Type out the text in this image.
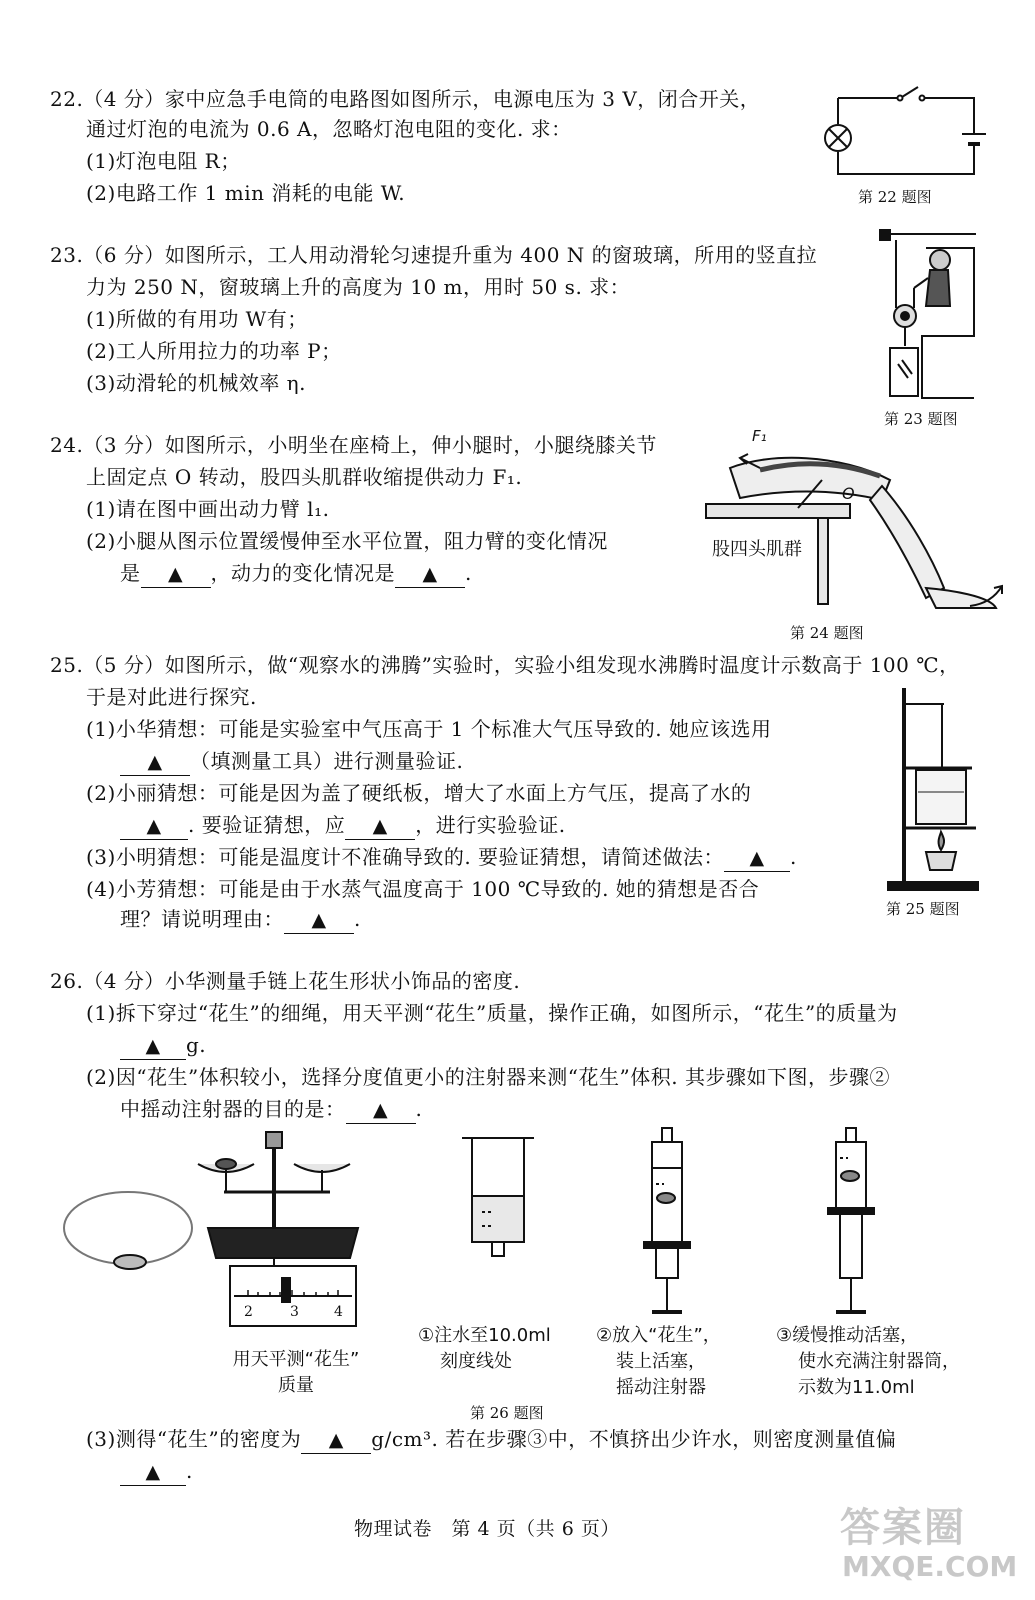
22.（4 分）家中应急手电筒的电路图如图所示，电源电压为 3 V，闭合开关，
通过灯泡的电流为 0.6 A，忽略灯泡电阻的变化. 求：
(1)灯泡电阻 R；
(2)电路工作 1 min 消耗的电能 W.	第 22 题图
23.（6 分）如图所示，工人用动滑轮匀速提升重为 400 N 的窗玻璃，所用的竖直拉
力为 250 N，窗玻璃上升的高度为 10 m，用时 50 s. 求：
(1)所做的有用功 W有；
(2)工人所用拉力的功率 P；
(3)动滑轮的机械效率 η.
第 23 题图
24.（3 分）如图所示，小明坐在座椅上，伸小腿时，小腿绕膝关节
上固定点 O 转动，股四头肌群收缩提供动力 F₁.
(1)请在图中画出动力臂 l₁.
(2)小腿从图示位置缓慢伸至水平位置，阻力臂的变化情况
是 ▲ ，动力的变化情况是 ▲ .
F₁
O
股四头肌群
第 24 题图
25.（5 分）如图所示，做“观察水的沸腾”实验时，实验小组发现水沸腾时温度计示数高于 100 ℃，
于是对此进行探究.
(1)小华猜想：可能是实验室中气压高于 1 个标准大气压导致的. 她应该选用
▲ （填测量工具）进行测量验证.
(2)小丽猜想：可能是因为盖了硬纸板，增大了水面上方气压，提高了水的
▲ . 要验证猜想，应 ▲ ，进行实验验证.
(3)小明猜想：可能是温度计不准确导致的. 要验证猜想，请简述做法： ▲ .
(4)小芳猜想：可能是由于水蒸气温度高于 100 ℃导致的. 她的猜想是否合
理？请说明理由： ▲ .	第 25 题图
26.（4 分）小华测量手链上花生形状小饰品的密度.
(1)拆下穿过“花生”的细绳，用天平测“花生”质量，操作正确，如图所示，“花生”的质量为
▲ g.
(2)因“花生”体积较小，选择分度值更小的注射器来测“花生”体积. 其步骤如下图，步骤②
中摇动注射器的目的是： ▲ .
2	3	4
用天平测“花生”
质量
①注水至10.0ml
刻度线处
②放入“花生”，
装上活塞，
摇动注射器
③缓慢推动活塞，
使水充满注射器筒，
示数为11.0ml
第 26 题图
(3)测得“花生”的密度为 ▲ g/cm³. 若在步骤③中，不慎挤出少许水，则密度测量值偏
▲ .
物理试卷　第 4 页（共 6 页）	答案圈
MXQE.COM
